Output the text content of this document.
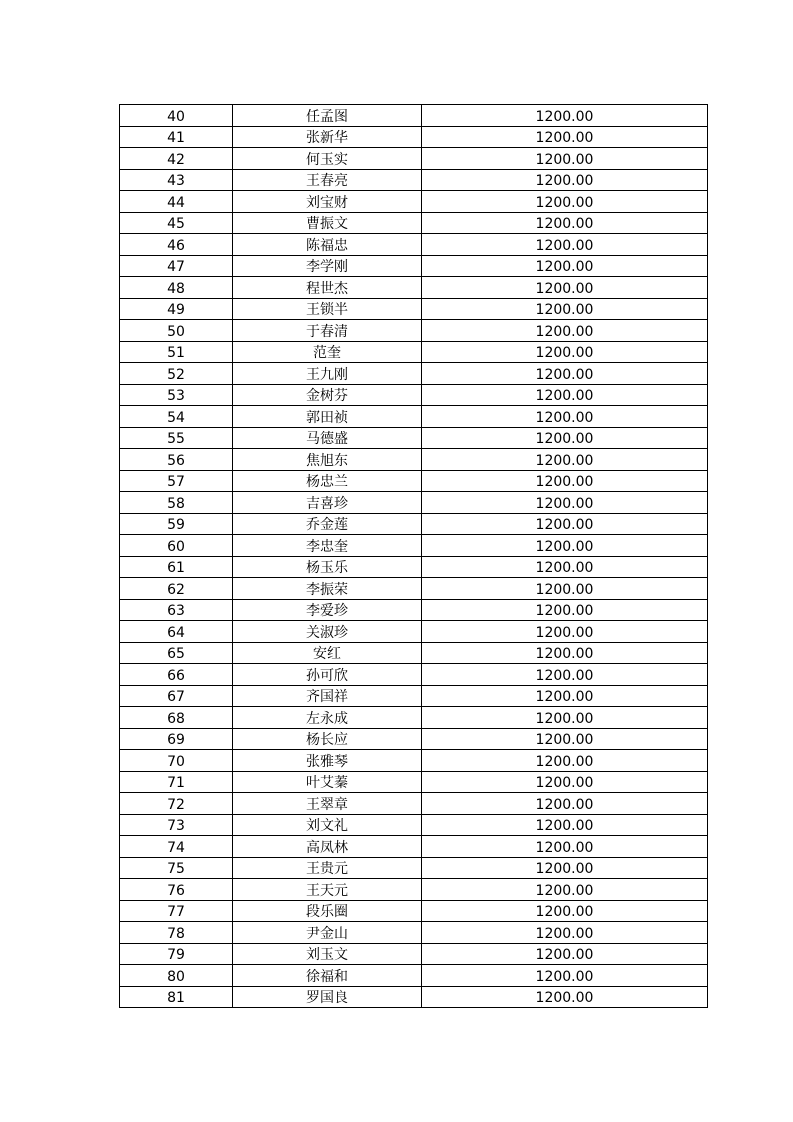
40	任孟图	1200.00
41	张新华	1200.00
42	何玉实	1200.00
43	王春亮	1200.00
44	刘宝财	1200.00
45	曹振文	1200.00
46	陈福忠	1200.00
47	李学刚	1200.00
48	程世杰	1200.00
49	王锁半	1200.00
50	于春清	1200.00
51	范奎	1200.00
52	王九刚	1200.00
53	金树芬	1200.00
54	郭田祯	1200.00
55	马德盛	1200.00
56	焦旭东	1200.00
57	杨忠兰	1200.00
58	吉喜珍	1200.00
59	乔金莲	1200.00
60	李忠奎	1200.00
61	杨玉乐	1200.00
62	李振荣	1200.00
63	李爱珍	1200.00
64	关淑珍	1200.00
65	安红	1200.00
66	孙可欣	1200.00
67	齐国祥	1200.00
68	左永成	1200.00
69	杨长应	1200.00
70	张雅琴	1200.00
71	叶艾蓁	1200.00
72	王翠章	1200.00
73	刘文礼	1200.00
74	高凤林	1200.00
75	王贵元	1200.00
76	王天元	1200.00
77	段乐圈	1200.00
78	尹金山	1200.00
79	刘玉文	1200.00
80	徐福和	1200.00
81	罗国良	1200.00
